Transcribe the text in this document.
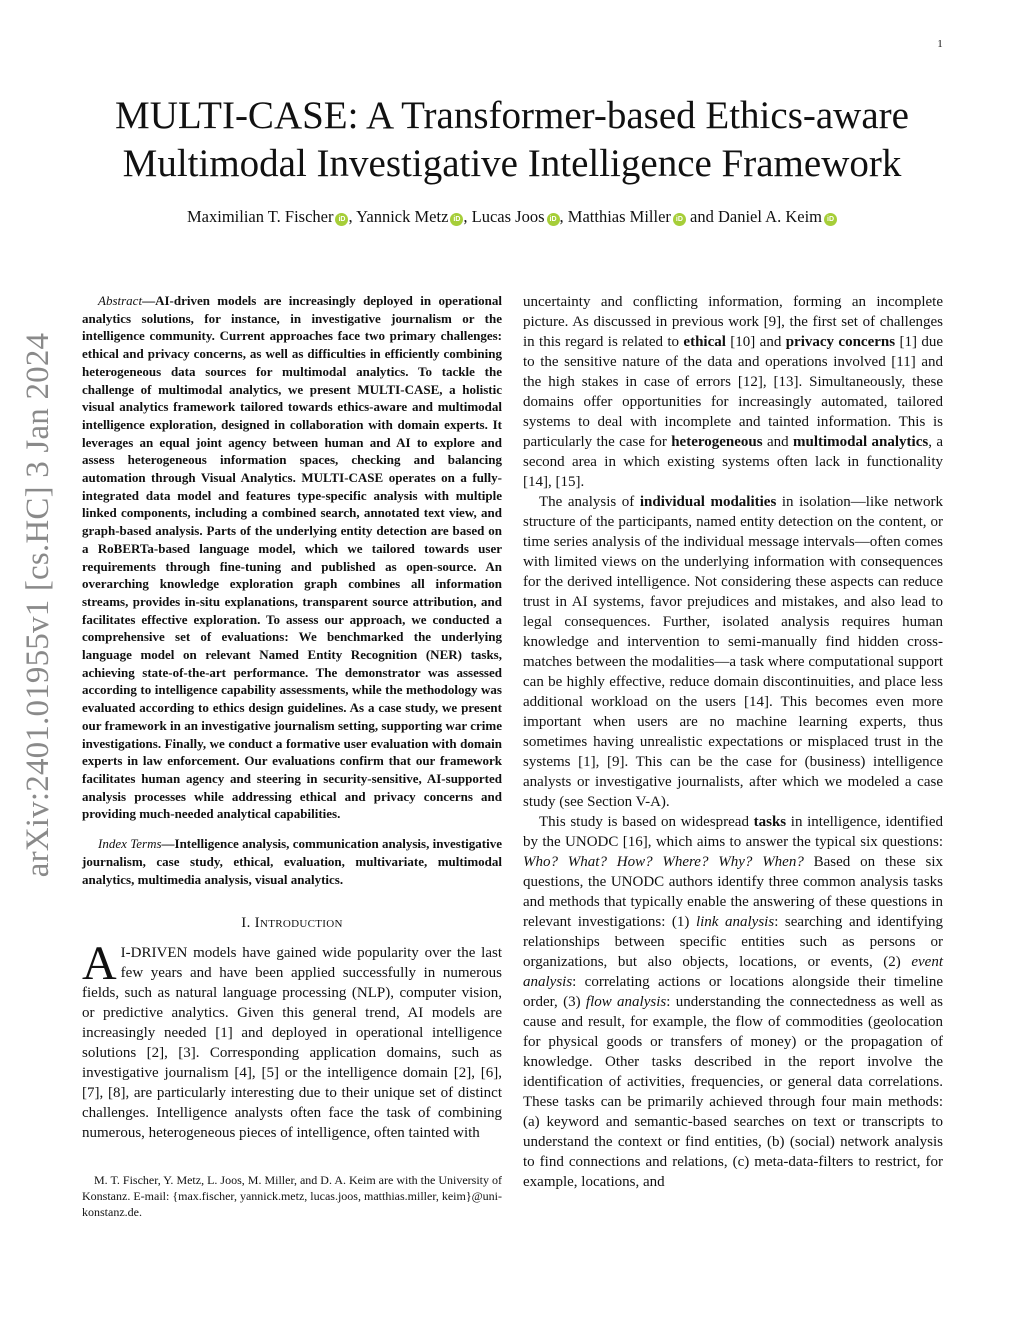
1
arXiv:2401.01955v1 [cs.HC] 3 Jan 2024
MULTI-CASE: A Transformer-based Ethics-aware
Multimodal Investigative Intelligence Framework
Maximilian T. Fischer iD , Yannick Metz iD , Lucas Joos iD , Matthias Miller iD and Daniel A. Keim iD

Abstract—AI-driven models are increasingly deployed in operational analytics solutions, for instance, in investigative journalism or the intelligence community. Current approaches face two primary challenges: ethical and privacy concerns, as well as difficulties in efficiently combining heterogeneous data sources for multimodal analytics. To tackle the challenge of multimodal analytics, we present MULTI-CASE, a holistic visual analytics framework tailored towards ethics-aware and multimodal intelligence exploration, designed in collaboration with domain experts. It leverages an equal joint agency between human and AI to explore and assess heterogeneous information spaces, checking and balancing automation through Visual Analytics. MULTI-CASE operates on a fully-integrated data model and features type-specific analysis with multiple linked components, including a combined search, annotated text view, and graph-based analysis. Parts of the underlying entity detection are based on a RoBERTa-based language model, which we tailored towards user requirements through fine-tuning and published as open-source. An overarching knowledge exploration graph combines all information streams, provides in-situ explanations, transparent source attribution, and facilitates effective exploration. To assess our approach, we conducted a comprehensive set of evaluations: We benchmarked the underlying language model on relevant Named Entity Recognition (NER) tasks, achieving state-of-the-art performance. The demonstrator was assessed according to intelligence capability assessments, while the methodology was evaluated according to ethics design guidelines. As a case study, we present our framework in an investigative journalism setting, supporting war crime investigations. Finally, we conduct a formative user evaluation with domain experts in law enforcement. Our evaluations confirm that our framework facilitates human agency and steering in security-sensitive, AI-supported analysis processes while addressing ethical and privacy concerns and providing much-needed analytical capabilities.

Index Terms—Intelligence analysis, communication analysis, investigative journalism, case study, ethical, evaluation, multivariate, multimodal analytics, multimedia analysis, visual analytics.

I. Introduction

A I-DRIVEN models have gained wide popularity over the last few years and have been applied successfully in numerous fields, such as natural language processing (NLP), computer vision, or predictive analytics. Given this general trend, AI models are increasingly needed [1] and deployed in operational intelligence solutions [2], [3]. Corresponding application domains, such as investigative journalism [4], [5] or the intelligence domain [2], [6], [7], [8], are particularly interesting due to their unique set of distinct challenges. Intelligence analysts often face the task of combining numerous, heterogeneous pieces of intelligence, often tainted with

M. T. Fischer, Y. Metz, L. Joos, M. Miller, and D. A. Keim are with the University of Konstanz. E-mail: {max.fischer, yannick.metz, lucas.joos, matthias.miller, keim}@uni-konstanz.de.

uncertainty and conflicting information, forming an incomplete picture. As discussed in previous work [9], the first set of challenges in this regard is related to ethical [10] and privacy concerns [1] due to the sensitive nature of the data and operations involved [11] and the high stakes in case of errors [12], [13]. Simultaneously, these domains offer opportunities for increasingly automated, tailored systems to deal with incomplete and tainted information. This is particularly the case for heterogeneous and multimodal analytics, a second area in which existing systems often lack in functionality [14], [15].

The analysis of individual modalities in isolation—like network structure of the participants, named entity detection on the content, or time series analysis of the individual message intervals—often comes with limited views on the underlying information with consequences for the derived intelligence. Not considering these aspects can reduce trust in AI systems, favor prejudices and mistakes, and also lead to legal consequences. Further, isolated analysis requires human knowledge and intervention to semi-manually find hidden cross-matches between the modalities—a task where computational support can be highly effective, reduce domain discontinuities, and place less additional workload on the users [14]. This becomes even more important when users are no machine learning experts, thus sometimes having unrealistic expectations or misplaced trust in the systems [1], [9]. This can be the case for (business) intelligence analysts or investigative journalists, after which we modeled a case study (see Section V-A).

This study is based on widespread tasks in intelligence, identified by the UNODC [16], which aims to answer the typical six questions: Who? What? How? Where? Why? When? Based on these six questions, the UNODC authors identify three common analysis tasks and methods that typically enable the answering of these questions in relevant investigations: (1) link analysis: searching and identifying relationships between specific entities such as persons or organizations, but also objects, locations, or events, (2) event analysis: correlating actions or locations alongside their timeline order, (3) flow analysis: understanding the connectedness as well as cause and result, for example, the flow of commodities (geolocation for physical goods or transfers of money) or the propagation of knowledge. Other tasks described in the report involve the identification of activities, frequencies, or general data correlations. These tasks can be primarily achieved through four main methods: (a) keyword and semantic-based searches on text or transcripts to understand the context or find entities, (b) (social) network analysis to find connections and relations, (c) meta-data-filters to restrict, for example, locations, and
